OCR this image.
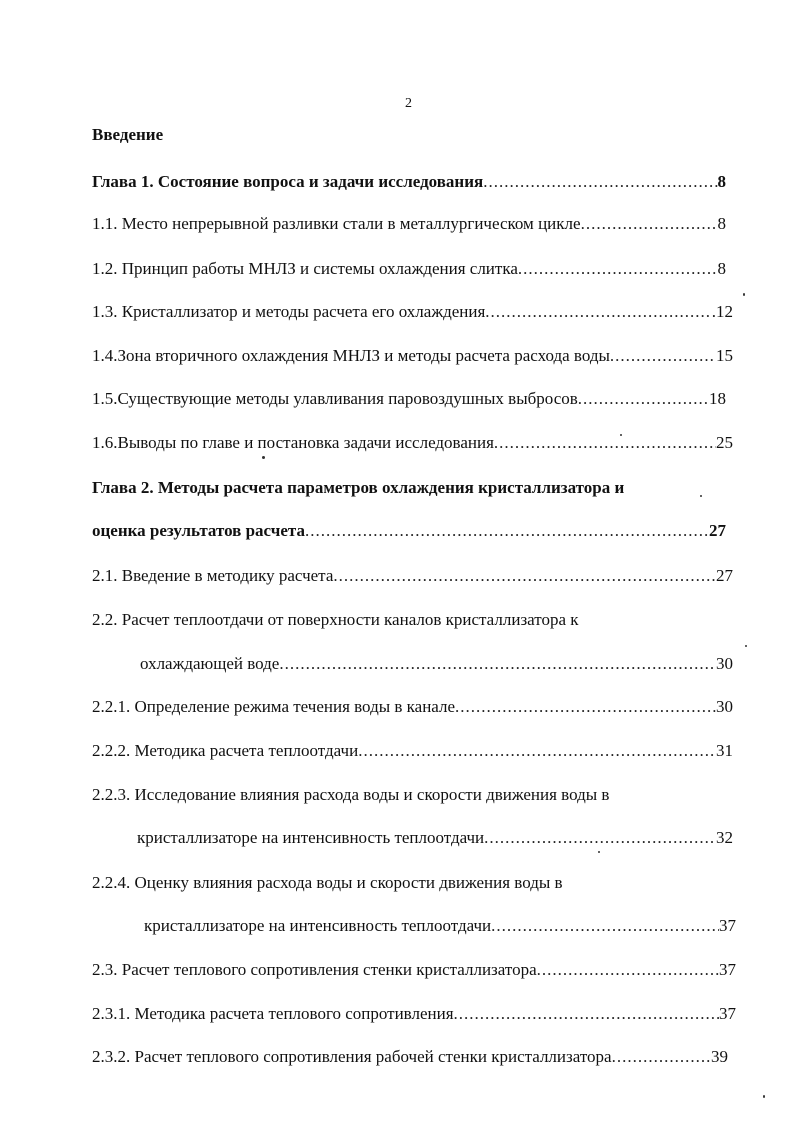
2
Введение
Глава 1. Состояние вопроса и задачи исследования .....	8
1.1. Место непрерывной разливки стали в металлургическом цикле .....	8
1.2. Принцип работы МНЛЗ и системы охлаждения слитка .....	8
1.3. Кристаллизатор и методы расчета его охлаждения .....	.12
1.4.Зона вторичного охлаждения МНЛЗ и методы расчета расхода воды .....	15
1.5.Существующие методы улавливания паровоздушных выбросов .....	18
1.6.Выводы по главе и постановка задачи исследования .....	25
Глава 2. Методы расчета параметров охлаждения кристаллизатора и
оценка результатов расчета .....	27
2.1. Введение в методику расчета .....	27
2.2. Расчет теплоотдачи от поверхности каналов кристаллизатора к
охлаждающей воде .....	30
2.2.1. Определение режима течения воды в канале .....	30
2.2.2. Методика расчета теплоотдачи .....	31
2.2.3. Исследование влияния расхода воды и скорости движения воды в
кристаллизаторе на интенсивность теплоотдачи .....	32
2.2.4. Оценку влияния расхода воды и скорости движения воды в
кристаллизаторе на интенсивность теплоотдачи .....	37
2.3. Расчет теплового сопротивления стенки кристаллизатора .....	37
2.3.1. Методика расчета теплового сопротивления .....	37
2.3.2. Расчет теплового сопротивления рабочей стенки кристаллизатора .....	39
